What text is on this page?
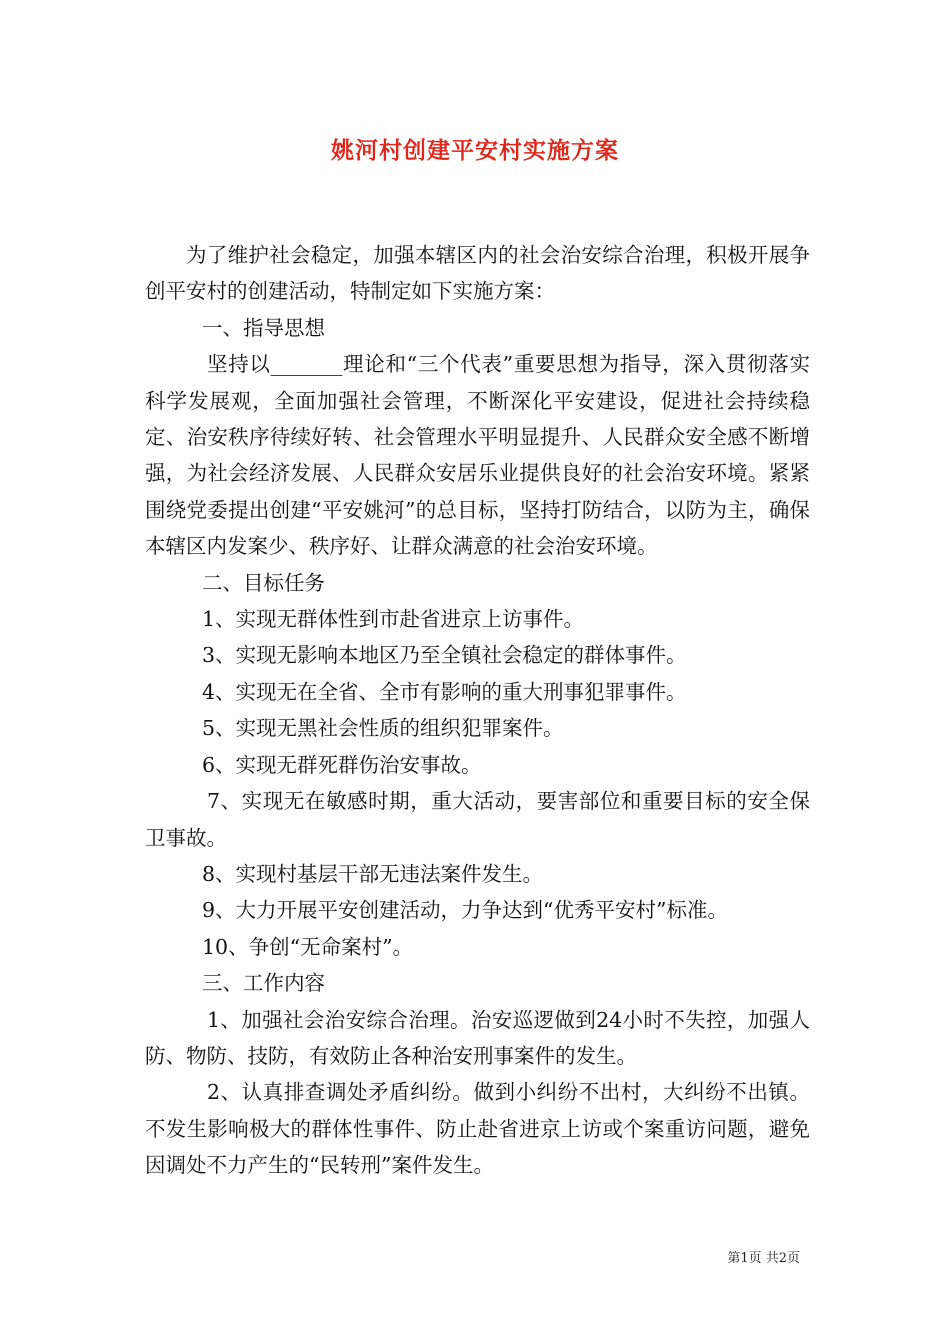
姚河村创建平安村实施方案

为了维护社会稳定，加强本辖区内的社会治安综合治理，积极开展争创平安村的创建活动，特制定如下实施方案：

一、指导思想

坚持以_______理论和“三个代表”重要思想为指导，深入贯彻落实科学发展观，全面加强社会管理，不断深化平安建设，促进社会持续稳定、治安秩序待续好转、社会管理水平明显提升、人民群众安全感不断增强，为社会经济发展、人民群众安居乐业提供良好的社会治安环境。紧紧围绕党委提出创建“平安姚河”的总目标，坚持打防结合，以防为主，确保本辖区内发案少、秩序好、让群众满意的社会治安环境。

二、目标任务

1、实现无群体性到市赴省进京上访事件。

3、实现无影响本地区乃至全镇社会稳定的群体事件。

4、实现无在全省、全市有影响的重大刑事犯罪事件。

5、实现无黑社会性质的组织犯罪案件。

6、实现无群死群伤治安事故。

7、实现无在敏感时期，重大活动，要害部位和重要目标的安全保卫事故。

8、实现村基层干部无违法案件发生。

9、大力开展平安创建活动，力争达到“优秀平安村”标准。

10、争创“无命案村”。

三、工作内容

1、加强社会治安综合治理。治安巡逻做到24小时不失控，加强人防、物防、技防，有效防止各种治安刑事案件的发生。

2、认真排查调处矛盾纠纷。做到小纠纷不出村，大纠纷不出镇。不发生影响极大的群体性事件、防止赴省进京上访或个案重访问题，避免因调处不力产生的“民转刑”案件发生。

第1页 共2页
